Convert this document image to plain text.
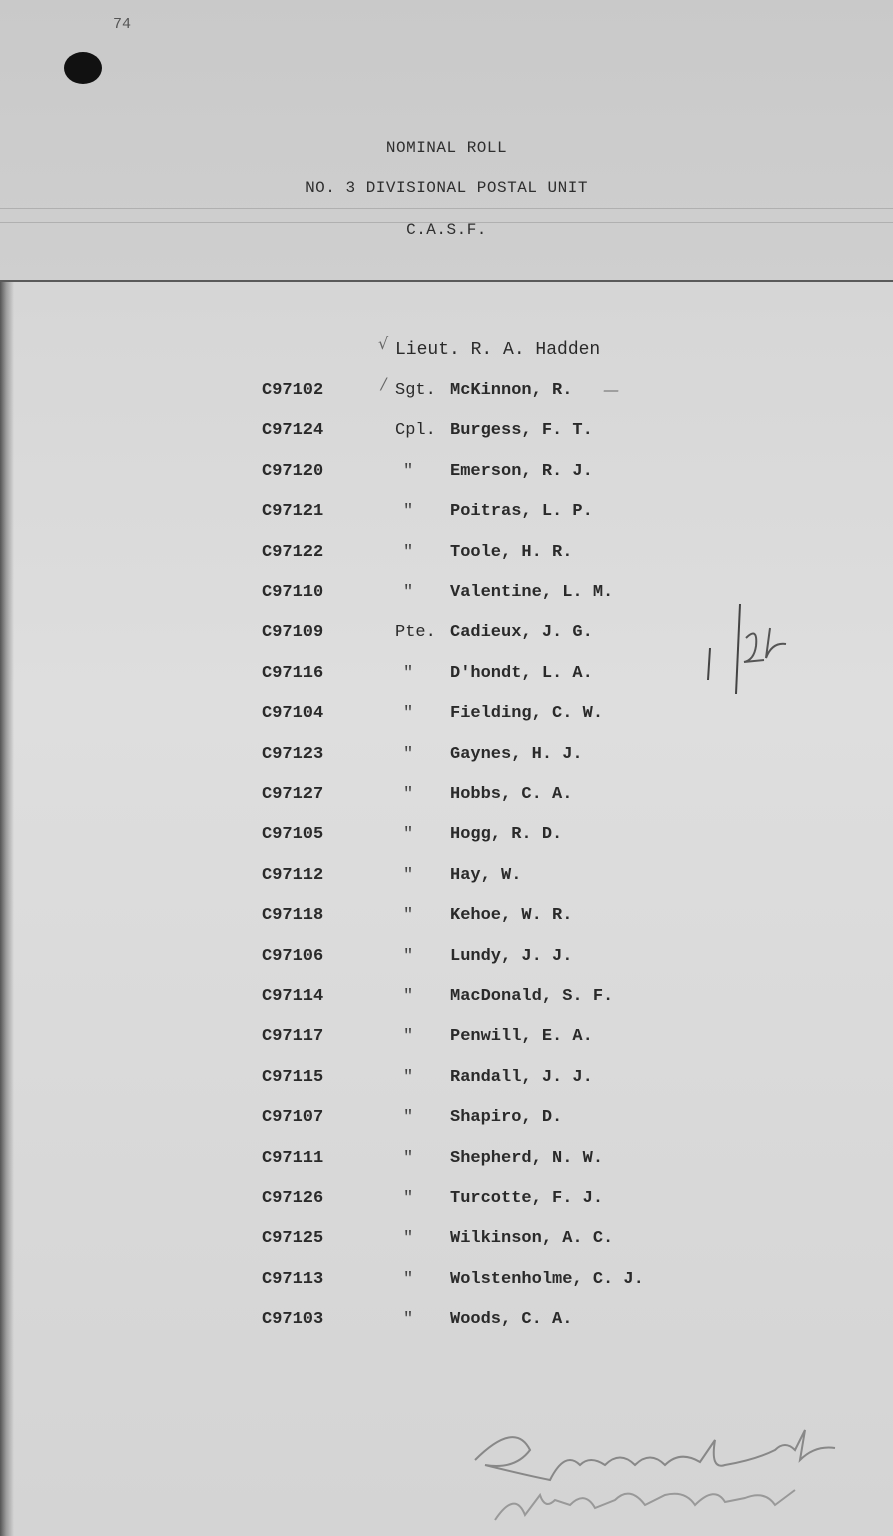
74
NOMINAL ROLL
NO. 3 DIVISIONAL POSTAL UNIT
C.A.S.F.
√ Lieut. R. A. Hadden
/	—
C97102	Sgt. McKinnon, R.
C97124	Cpl. Burgess, F. T.
C97120	" Emerson, R. J.
C97121	" Poitras, L. P.
C97122	" Toole, H. R.
C97110	" Valentine, L. M.
C97109	Pte. Cadieux, J. G.
C97116	" D'hondt, L. A.
C97104	" Fielding, C. W.
C97123	" Gaynes, H. J.
C97127	" Hobbs, C. A.
C97105	" Hogg, R. D.
C97112	" Hay, W.
C97118	" Kehoe, W. R.
C97106	" Lundy, J. J.
C97114	" MacDonald, S. F.
C97117	" Penwill, E. A.
C97115	" Randall, J. J.
C97107	" Shapiro, D.
C97111	" Shepherd, N. W.
C97126	" Turcotte, F. J.
C97125	" Wilkinson, A. C.
C97113	" Wolstenholme, C. J.
C97103	" Woods, C. A.
